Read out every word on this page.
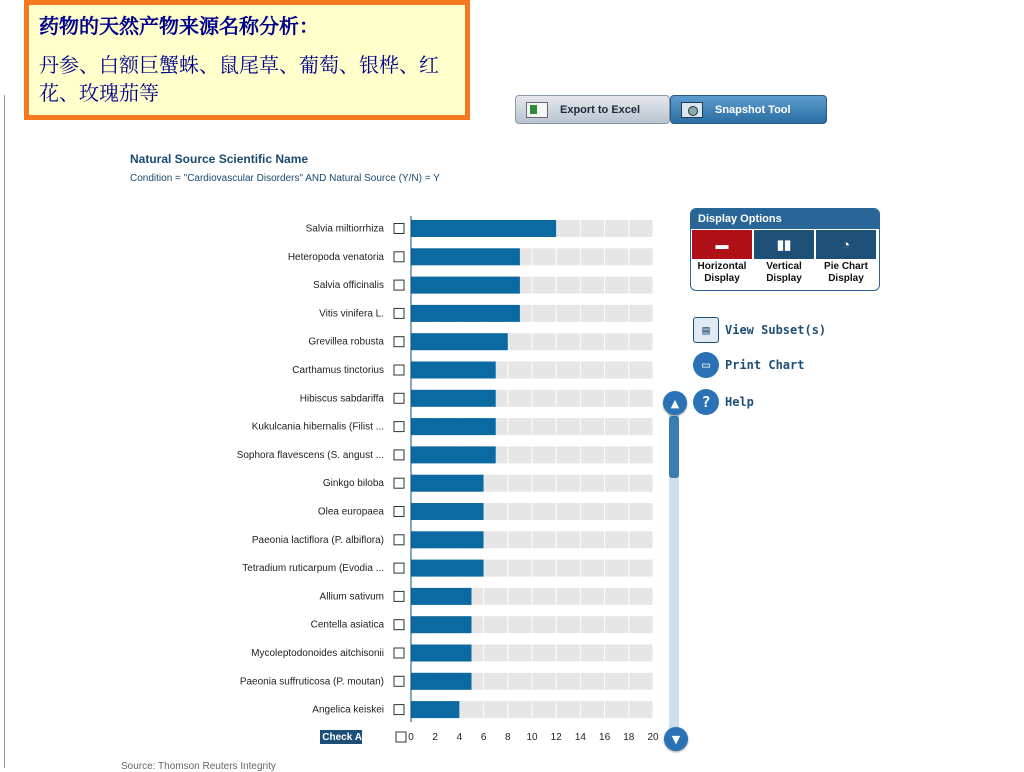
药物的天然产物来源名称分析：
丹参、白额巨蟹蛛、鼠尾草、葡萄、银桦、红花、玫瑰茄等
Export to Excel	Snapshot Tool
Natural Source Scientific Name
Condition = "Cardiovascular Disorders" AND Natural Source (Y/N) = Y
Salvia miltiorrhiza
Heteropoda venatoria
Salvia officinalis
Vitis vinifera L.
Grevillea robusta
Carthamus tinctorius
Hibiscus sabdariffa
Kukulcania hibernalis (Filist ...
Sophora flavescens (S. angust ...
Ginkgo biloba
Olea europaea
Paeonia lactiflora (P. albiflora)
Tetradium ruticarpum (Evodia ...
Allium sativum
Centella asiatica
Mycoleptodonoides aitchisonii
Paeonia suffruticosa (P. moutan)
Angelica keiskei
0 2 4 6 8 10 12 14 16 18 20
↑ Check All
▲
▼
Display Options
▬
Horizontal
Display
▮▮
Vertical
Display
◔
Pie Chart
Display
▤	View Subset(s)
▭	Print Chart
?	Help
Source: Thomson Reuters Integrity
